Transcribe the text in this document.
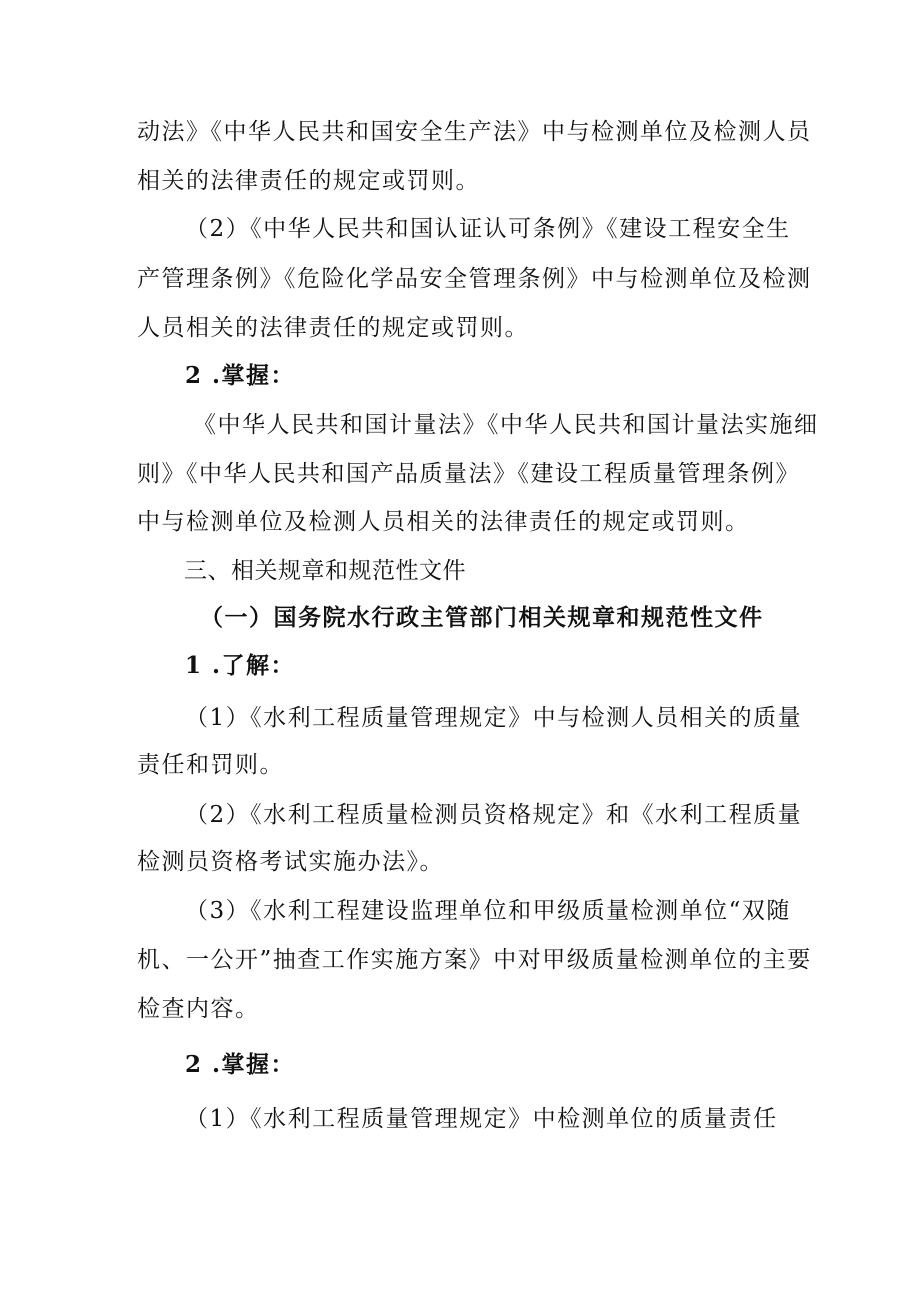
动法》《中华人民共和国安全生产法》中与检测单位及检测人员
相关的法律责任的规定或罚则。
（2）《中华人民共和国认证认可条例》《建设工程安全生
产管理条例》《危险化学品安全管理条例》中与检测单位及检测
人员相关的法律责任的规定或罚则。
2 .掌握：
《中华人民共和国计量法》《中华人民共和国计量法实施细
则》《中华人民共和国产品质量法》《建设工程质量管理条例》
中与检测单位及检测人员相关的法律责任的规定或罚则。
三、相关规章和规范性文件
（一）国务院水行政主管部门相关规章和规范性文件
1 .了解：
（1）《水利工程质量管理规定》中与检测人员相关的质量
责任和罚则。
（2）《水利工程质量检测员资格规定》和《水利工程质量
检测员资格考试实施办法》。
（3）《水利工程建设监理单位和甲级质量检测单位“双随
机、一公开”抽查工作实施方案》中对甲级质量检测单位的主要
检查内容。
2 .掌握：
（1）《水利工程质量管理规定》中检测单位的质量责任
